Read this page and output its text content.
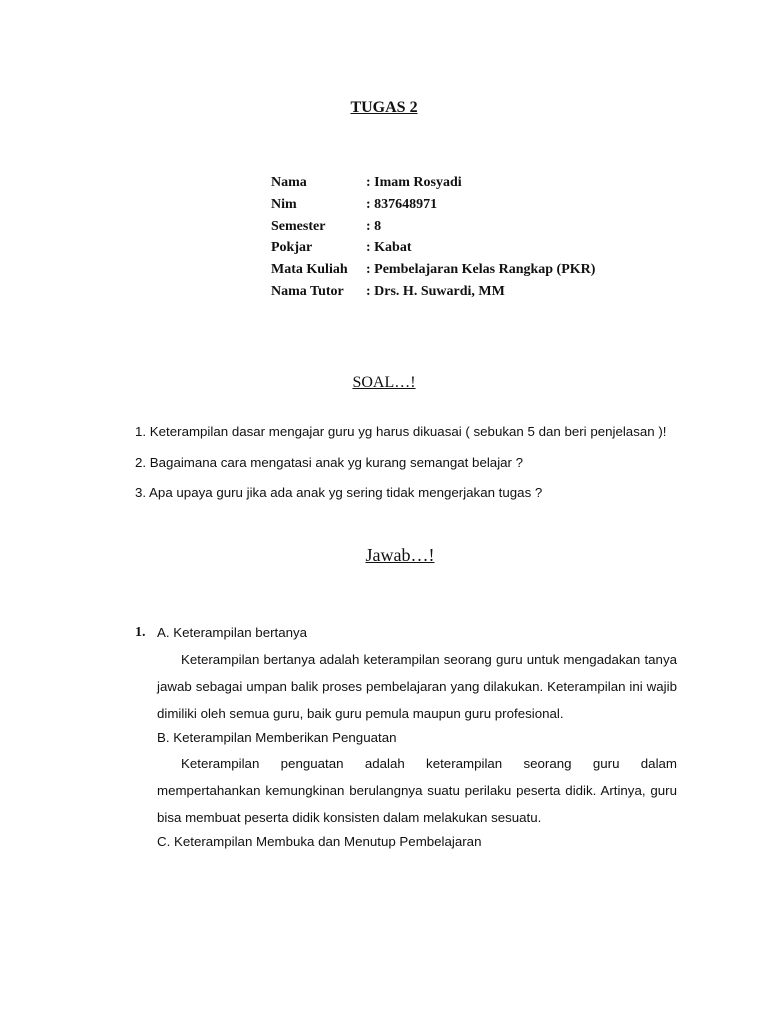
TUGAS 2
Nama	: Imam Rosyadi
Nim	: 837648971
Semester	: 8
Pokjar	: Kabat
Mata Kuliah : Pembelajaran Kelas Rangkap (PKR)
Nama Tutor : Drs. H. Suwardi, MM
SOAL…!
1. Keterampilan dasar mengajar guru yg harus dikuasai ( sebukan 5 dan beri penjelasan )!
2. Bagaimana cara mengatasi anak yg kurang semangat belajar ?
3. Apa upaya guru jika ada anak yg sering tidak mengerjakan tugas ?
Jawab…!
1. A. Keterampilan bertanya
Keterampilan bertanya adalah keterampilan seorang guru untuk mengadakan tanya jawab sebagai umpan balik proses pembelajaran yang dilakukan. Keterampilan ini wajib dimiliki oleh semua guru, baik guru pemula maupun guru profesional.
B. Keterampilan Memberikan Penguatan
Keterampilan penguatan adalah keterampilan seorang guru dalam mempertahankan kemungkinan berulangnya suatu perilaku peserta didik. Artinya, guru bisa membuat peserta didik konsisten dalam melakukan sesuatu.
C. Keterampilan Membuka dan Menutup Pembelajaran
